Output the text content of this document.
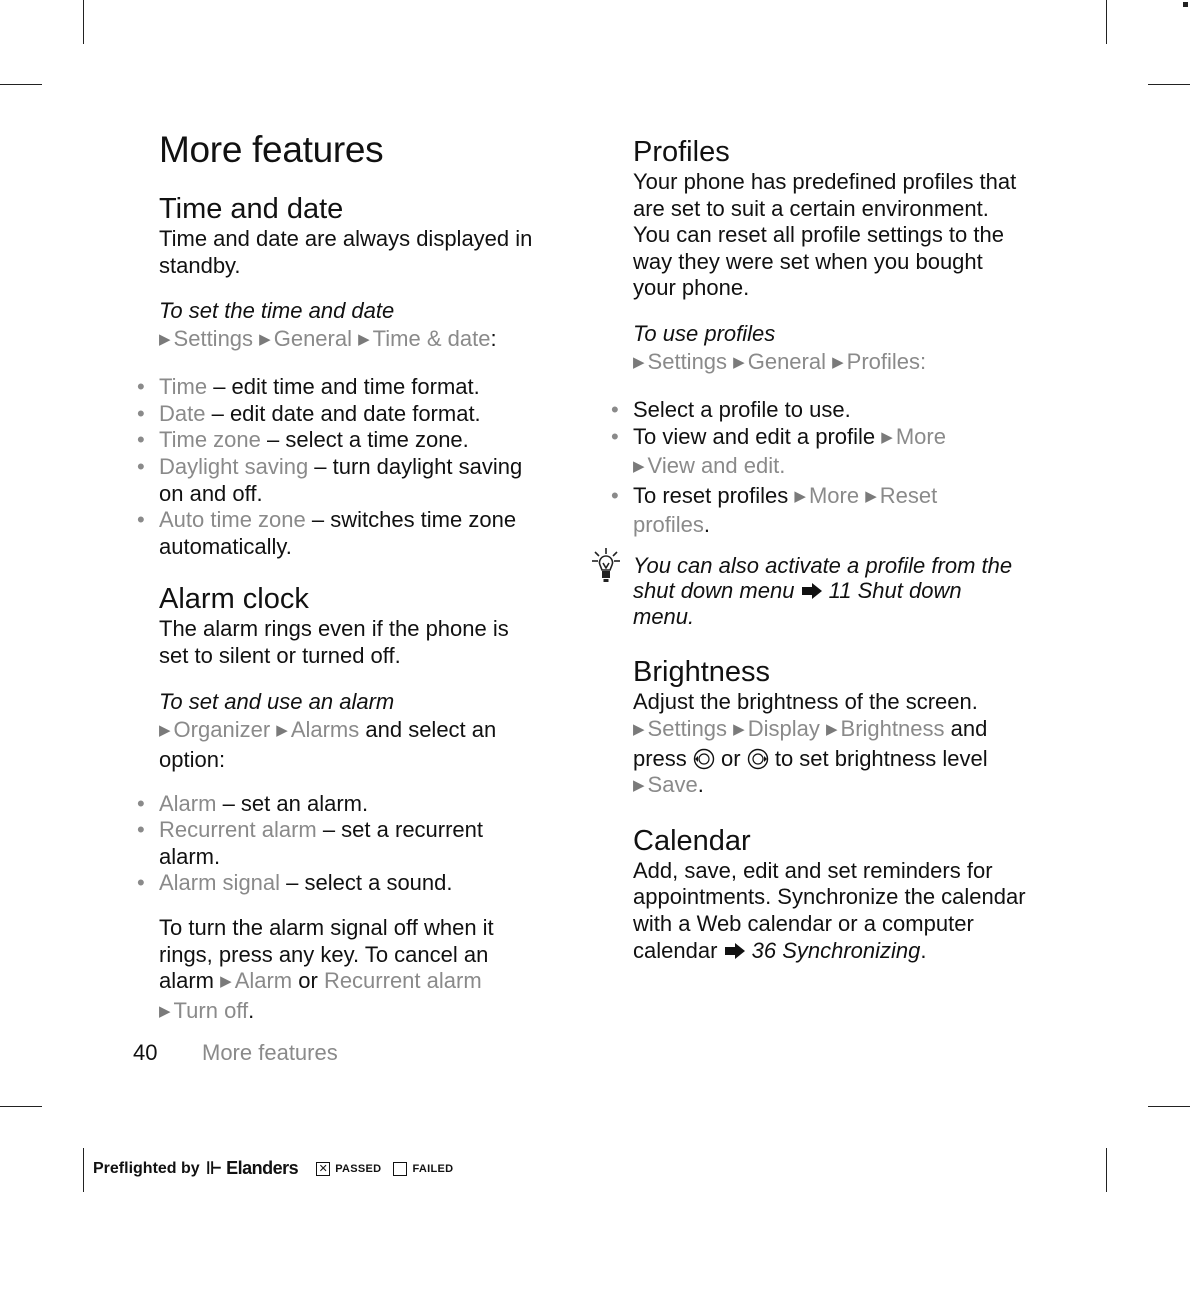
More features
Time and date

Time and date are always displayed in
standby.

To set the time and date

▶ Settings ▶ General ▶ Time & date:

• Time – edit time and time format.
• Date – edit date and date format.
• Time zone – select a time zone.
• Daylight saving – turn daylight saving
on and off.
• Auto time zone – switches time zone
automatically.
Alarm clock

The alarm rings even if the phone is
set to silent or turned off.

To set and use an alarm

▶ Organizer ▶ Alarms and select an
option:

• Alarm – set an alarm.
• Recurrent alarm – set a recurrent
alarm.
• Alarm signal – select a sound.

To turn the alarm signal off when it
rings, press any key. To cancel an
alarm ▶ Alarm or Recurrent alarm
▶ Turn off.

Profiles

Your phone has predefined profiles that
are set to suit a certain environment.
You can reset all profile settings to the
way they were set when you bought
your phone.

To use profiles

▶ Settings ▶ General ▶ Profiles:

• Select a profile to use.
• To view and edit a profile ▶ More
▶ View and edit.
• To reset profiles ▶ More ▶ Reset
profiles.
You can also activate a profile from the
shut down menu  11 Shut down
menu.
Brightness

Adjust the brightness of the screen.
▶ Settings ▶ Display ▶ Brightness and
press  or  to set brightness level
▶ Save.

Calendar

Add, save, edit and set reminders for
appointments. Synchronize the calendar
with a Web calendar or a computer
calendar  36 Synchronizing.

40 More features
Preflighted by ⊩ Elanders ✕ PASSED	FAILED
